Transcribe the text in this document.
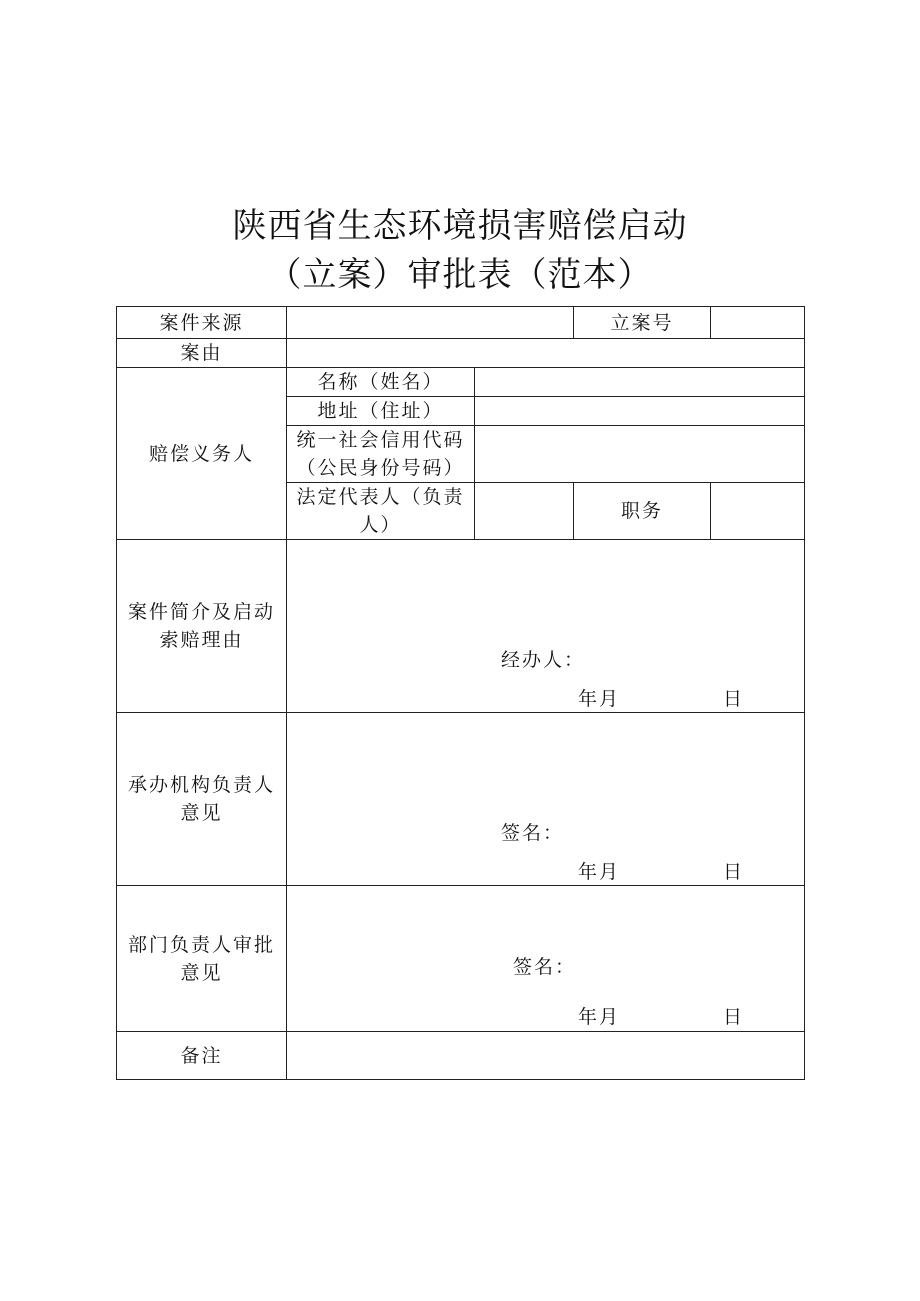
陕西省生态环境损害赔偿启动
（立案）审批表（范本）
案件来源			立案号	
案由				
赔偿义务人	名称（姓名）			
	地址（住址）			

	统一社会信用代码
（公民身份号码）			

	法定代表人（负责
人）		职务	

案件简介及启动
索赔理由	经办人：
年月 日			

承办机构负责人
意见	签名：
年月 日			

部门负责人审批
意见	签名：
年月 日			

备注				
